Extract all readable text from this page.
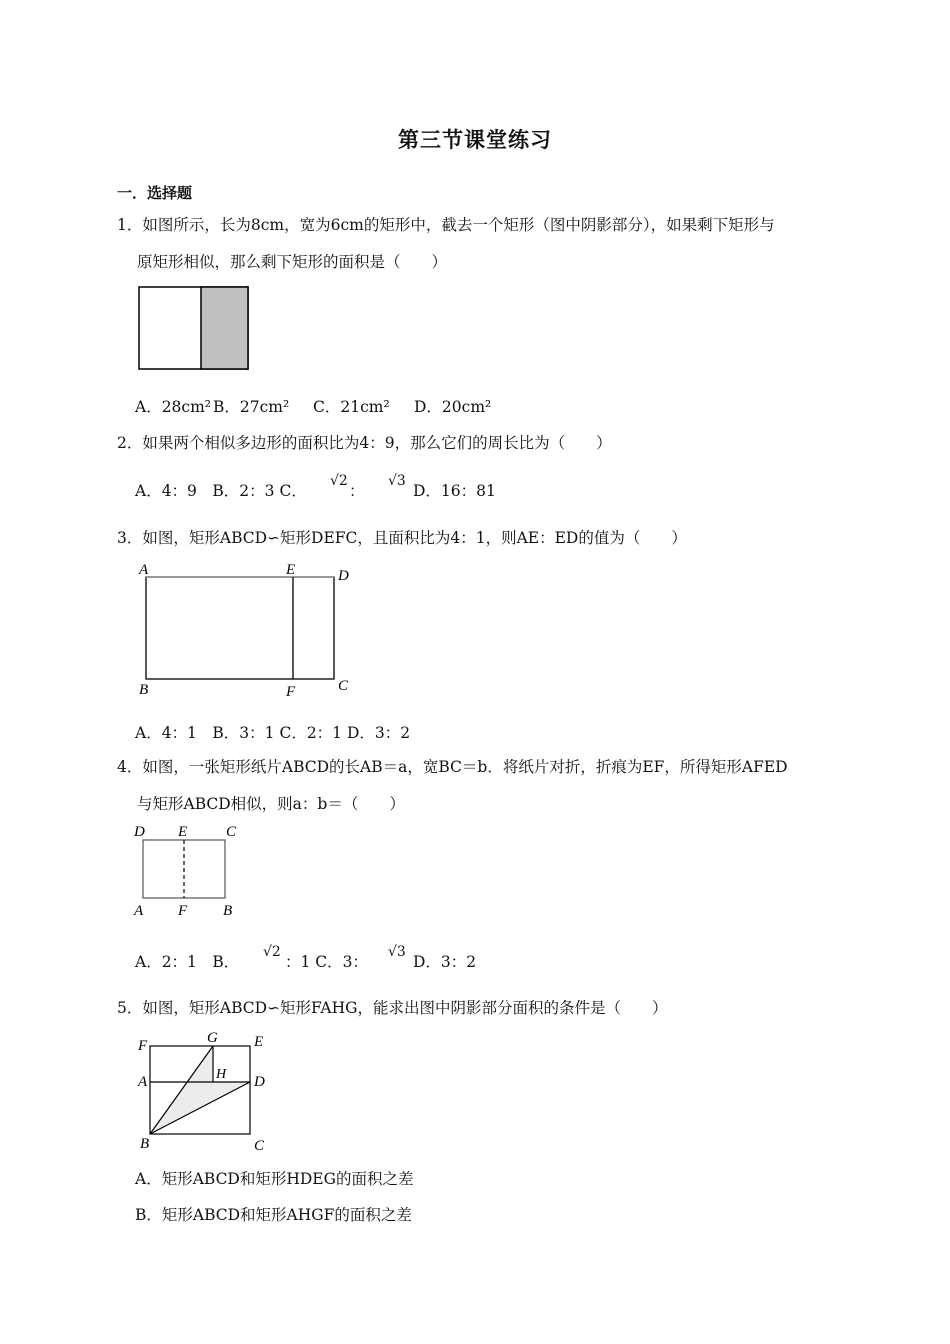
第三节课堂练习
一．选择题
1．如图所示，长为8cm，宽为6cm的矩形中，截去一个矩形（图中阴影部分），如果剩下矩形与
原矩形相似，那么剩下矩形的面积是（　　）
A．28cm² B．27cm² C．21cm² D．20cm²
2．如果两个相似多边形的面积比为4：9，那么它们的周长比为（　　）
A．4：9　B．2：3 C．
√2
：
√3
D．16：81
3．如图，矩形ABCD∽矩形DEFC，且面积比为4：1，则AE：ED的值为（　　）
A	E	D
B	F	C
A．4：1　B．3：1 C．2：1 D．3：2
4．如图，一张矩形纸片ABCD的长AB＝a，宽BC＝b．将纸片对折，折痕为EF，所得矩形AFED
与矩形ABCD相似，则a：b＝（　　）
D E	C
A F B
A．2：1　B．
√2
：1 C．3：
√3
D．3：2
5．如图，矩形ABCD∽矩形FAHG，能求出图中阴影部分面积的条件是（　　）
F	G E
A	H D
B	C
A．矩形ABCD和矩形HDEG的面积之差
B．矩形ABCD和矩形AHGF的面积之差
